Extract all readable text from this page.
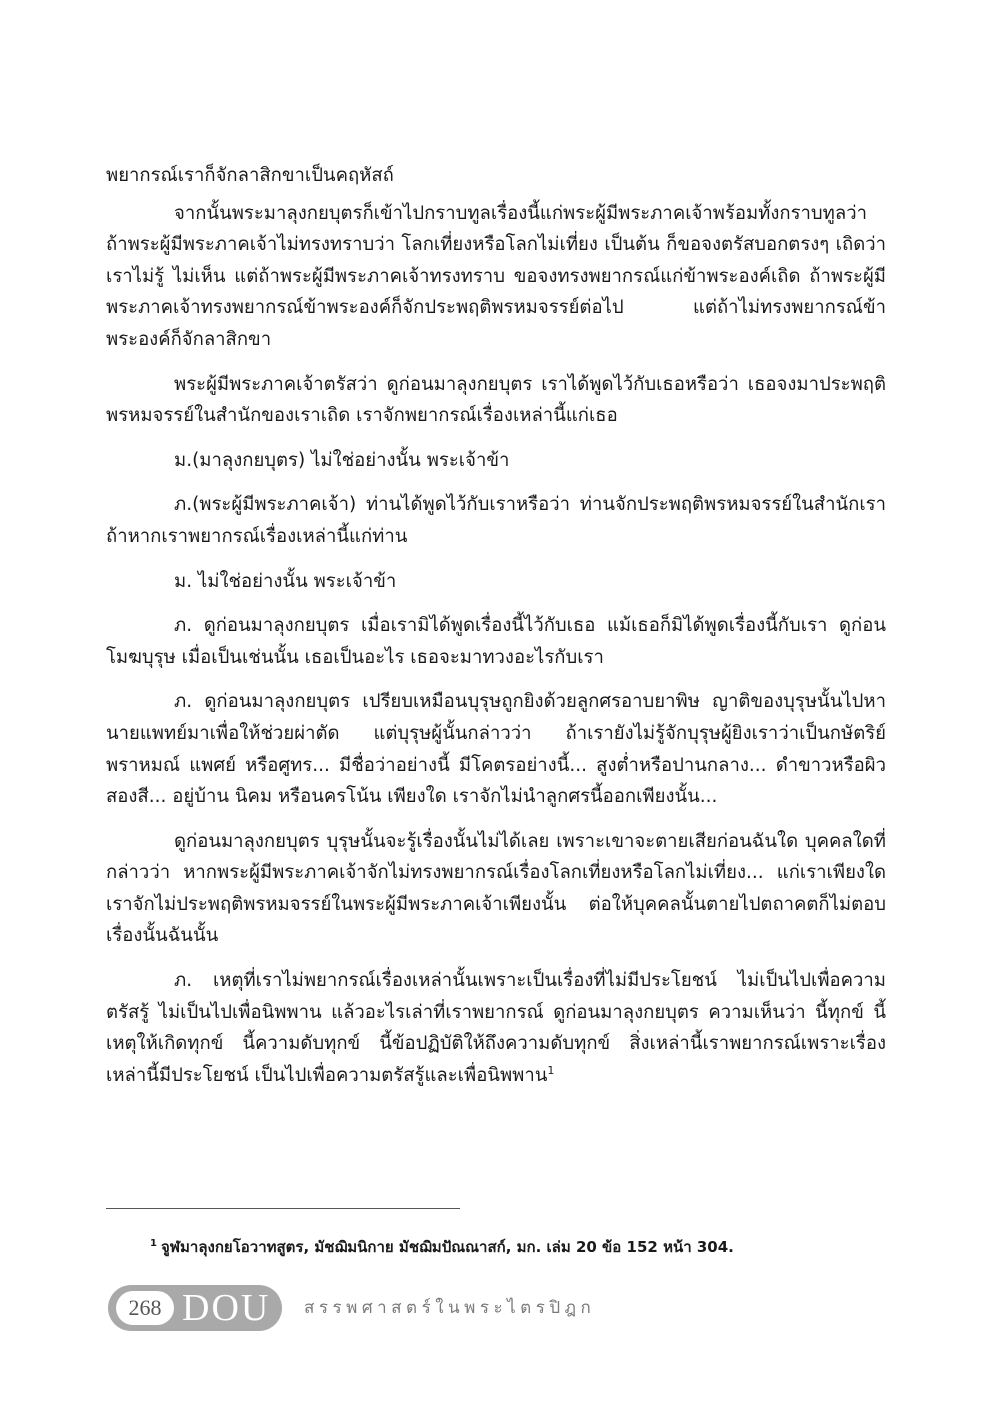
พยากรณ์เราก็จักลาสิกขาเป็นคฤหัสถ์

จากนั้นพระมาลุงกยบุตรก็เข้าไปกราบทูลเรื่องนี้แก่พระผู้มีพระภาคเจ้าพร้อมทั้งกราบทูลว่า ถ้าพระผู้มีพระภาคเจ้าไม่ทรงทราบว่า โลกเที่ยงหรือโลกไม่เที่ยง เป็นต้น ก็ขอจงตรัสบอกตรงๆ เถิดว่า เราไม่รู้ ไม่เห็น แต่ถ้าพระผู้มีพระภาคเจ้าทรงทราบ ขอจงทรงพยากรณ์แก่ข้าพระองค์เถิด ถ้าพระผู้มีพระภาคเจ้าทรงพยากรณ์ข้าพระองค์ก็จักประพฤติพรหมจรรย์ต่อไป แต่ถ้าไม่ทรงพยากรณ์ข้าพระองค์ก็จักลาสิกขา

พระผู้มีพระภาคเจ้าตรัสว่า ดูก่อนมาลุงกยบุตร เราได้พูดไว้กับเธอหรือว่า เธอจงมาประพฤติพรหมจรรย์ในสำนักของเราเถิด เราจักพยากรณ์เรื่องเหล่านี้แก่เธอ

ม.(มาลุงกยบุตร) ไม่ใช่อย่างนั้น พระเจ้าข้า

ภ.(พระผู้มีพระภาคเจ้า) ท่านได้พูดไว้กับเราหรือว่า ท่านจักประพฤติพรหมจรรย์ในสำนักเรา ถ้าหากเราพยากรณ์เรื่องเหล่านี้แก่ท่าน

ม. ไม่ใช่อย่างนั้น พระเจ้าข้า

ภ. ดูก่อนมาลุงกยบุตร เมื่อเรามิได้พูดเรื่องนี้ไว้กับเธอ แม้เธอก็มิได้พูดเรื่องนี้กับเรา ดูก่อนโมฆบุรุษ เมื่อเป็นเช่นนั้น เธอเป็นอะไร เธอจะมาทวงอะไรกับเรา

ภ. ดูก่อนมาลุงกยบุตร เปรียบเหมือนบุรุษถูกยิงด้วยลูกศรอาบยาพิษ ญาติของบุรุษนั้นไปหานายแพทย์มาเพื่อให้ช่วยผ่าตัด แต่บุรุษผู้นั้นกล่าวว่า ถ้าเรายังไม่รู้จักบุรุษผู้ยิงเราว่าเป็นกษัตริย์ พราหมณ์ แพศย์ หรือศูทร... มีชื่อว่าอย่างนี้ มีโคตรอย่างนี้... สูงต่ำหรือปานกลาง... ดำขาวหรือผิวสองสี... อยู่บ้าน นิคม หรือนครโน้น เพียงใด เราจักไม่นำลูกศรนี้ออกเพียงนั้น...

ดูก่อนมาลุงกยบุตร บุรุษนั้นจะรู้เรื่องนั้นไม่ได้เลย เพราะเขาจะตายเสียก่อนฉันใด บุคคลใดที่กล่าวว่า หากพระผู้มีพระภาคเจ้าจักไม่ทรงพยากรณ์เรื่องโลกเที่ยงหรือโลกไม่เที่ยง... แก่เราเพียงใด เราจักไม่ประพฤติพรหมจรรย์ในพระผู้มีพระภาคเจ้าเพียงนั้น ต่อให้บุคคลนั้นตายไปตถาคตก็ไม่ตอบเรื่องนั้นฉันนั้น

ภ. เหตุที่เราไม่พยากรณ์เรื่องเหล่านั้นเพราะเป็นเรื่องที่ไม่มีประโยชน์ ไม่เป็นไปเพื่อความตรัสรู้ ไม่เป็นไปเพื่อนิพพาน แล้วอะไรเล่าที่เราพยากรณ์ ดูก่อนมาลุงกยบุตร ความเห็นว่า นี้ทุกข์ นี้เหตุให้เกิดทุกข์ นี้ความดับทุกข์ นี้ข้อปฏิบัติให้ถึงความดับทุกข์ สิ่งเหล่านี้เราพยากรณ์เพราะเรื่องเหล่านี้มีประโยชน์ เป็นไปเพื่อความตรัสรู้และเพื่อนิพพาน$^1$

$^1$ จูฬมาลุงกยโอวาทสูตร, มัชฌิมนิกาย มัชฌิมปัณณาสก์, มก. เล่ม 20 ข้อ 152 หน้า 304.
268 DOU สรรพศาสตร์ในพระไตรปิฎก
